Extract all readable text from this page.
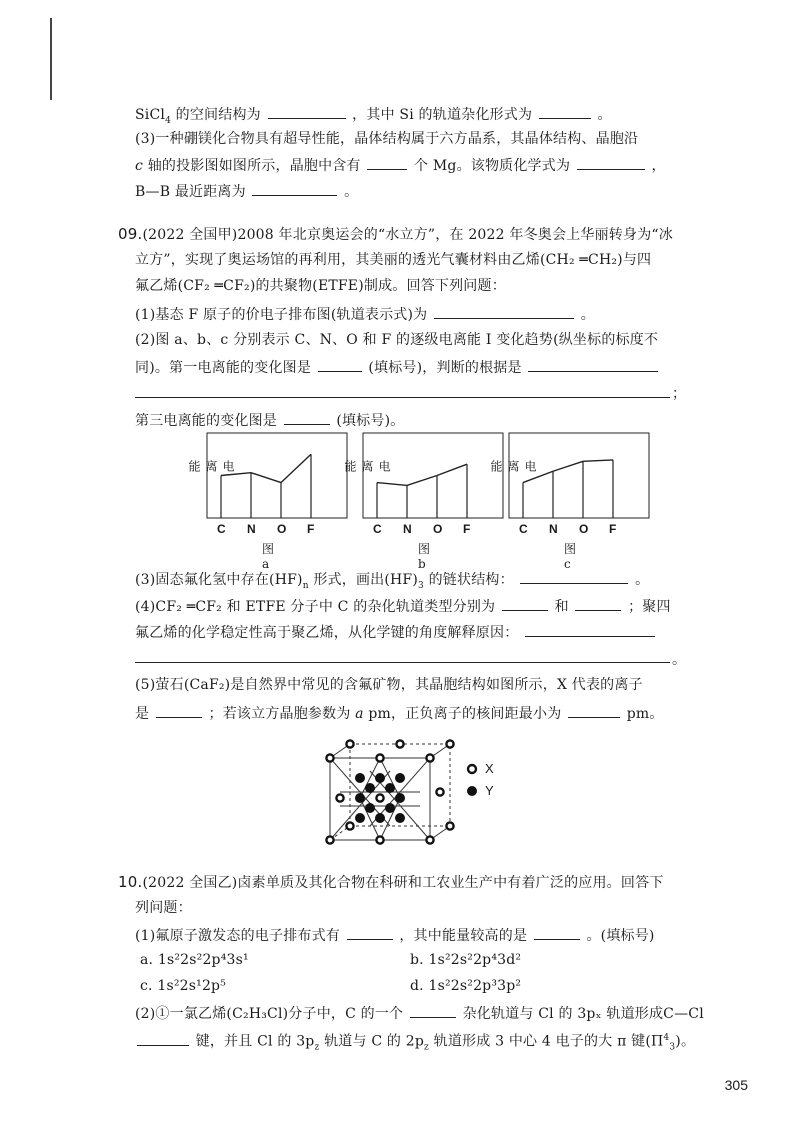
SiCl$_4$ 的空间结构为	，其中 Si 的轨道杂化形式为	。
(3)一种硼镁化合物具有超导性能，晶体结构属于六方晶系，其晶体结构、晶胞沿
c 轴的投影图如图所示，晶胞中含有	个 Mg。该物质化学式为	，
B—B 最近距离为	。
09.(2022 全国甲)2008 年北京奥运会的“水立方”，在 2022 年冬奥会上华丽转身为“冰
立方”，实现了奥运场馆的再利用，其美丽的透光气囊材料由乙烯(CH₂ ═CH₂)与四
氟乙烯(CF₂ ═CF₂)的共聚物(ETFE)制成。回答下列问题：
(1)基态 F 原子的价电子排布图(轨道表示式)为	。
(2)图 a、b、c 分别表示 C、N、O 和 F 的逐级电离能 I 变化趋势(纵坐标的标度不
同)。第一电离能的变化图是	(填标号)，判断的根据是
；
第三电离能的变化图是	(填标号)。
电离能
C N O F
图a
电离能
C N O F
图b
电离能
C N O F
图c
(3)固态氟化氢中存在$(HF)_n$ 形式，画出$(HF)_3$ 的链状结构：	。
(4)CF₂ ═CF₂ 和 ETFE 分子中 C 的杂化轨道类型分别为	和	；聚四
氟乙烯的化学稳定性高于聚乙烯，从化学键的角度解释原因：
。
(5)萤石(CaF₂)是自然界中常见的含氟矿物，其晶胞结构如图所示，X 代表的离子
是	；若该立方晶胞参数为 a pm，正负离子的核间距最小为	pm。
X
Y
10.(2022 全国乙)卤素单质及其化合物在科研和工农业生产中有着广泛的应用。回答下
列问题：
(1)氟原子激发态的电子排布式有	，其中能量较高的是	。(填标号)
a. 1s²2s²2p⁴3s¹	b. 1s²2s²2p⁴3d²
c. 1s²2s¹2p⁵	d. 1s²2s²2p³3p²
(2)①一氯乙烯(C₂H₃Cl)分子中，C 的一个	杂化轨道与 Cl 的 3pₓ 轨道形成C—Cl
键，并且 Cl 的 $3p_z$ 轨道与 C 的 $2p_z$ 轨道形成 3 中心 4 电子的大 π 键$(\Pi^4_3)$。
305
